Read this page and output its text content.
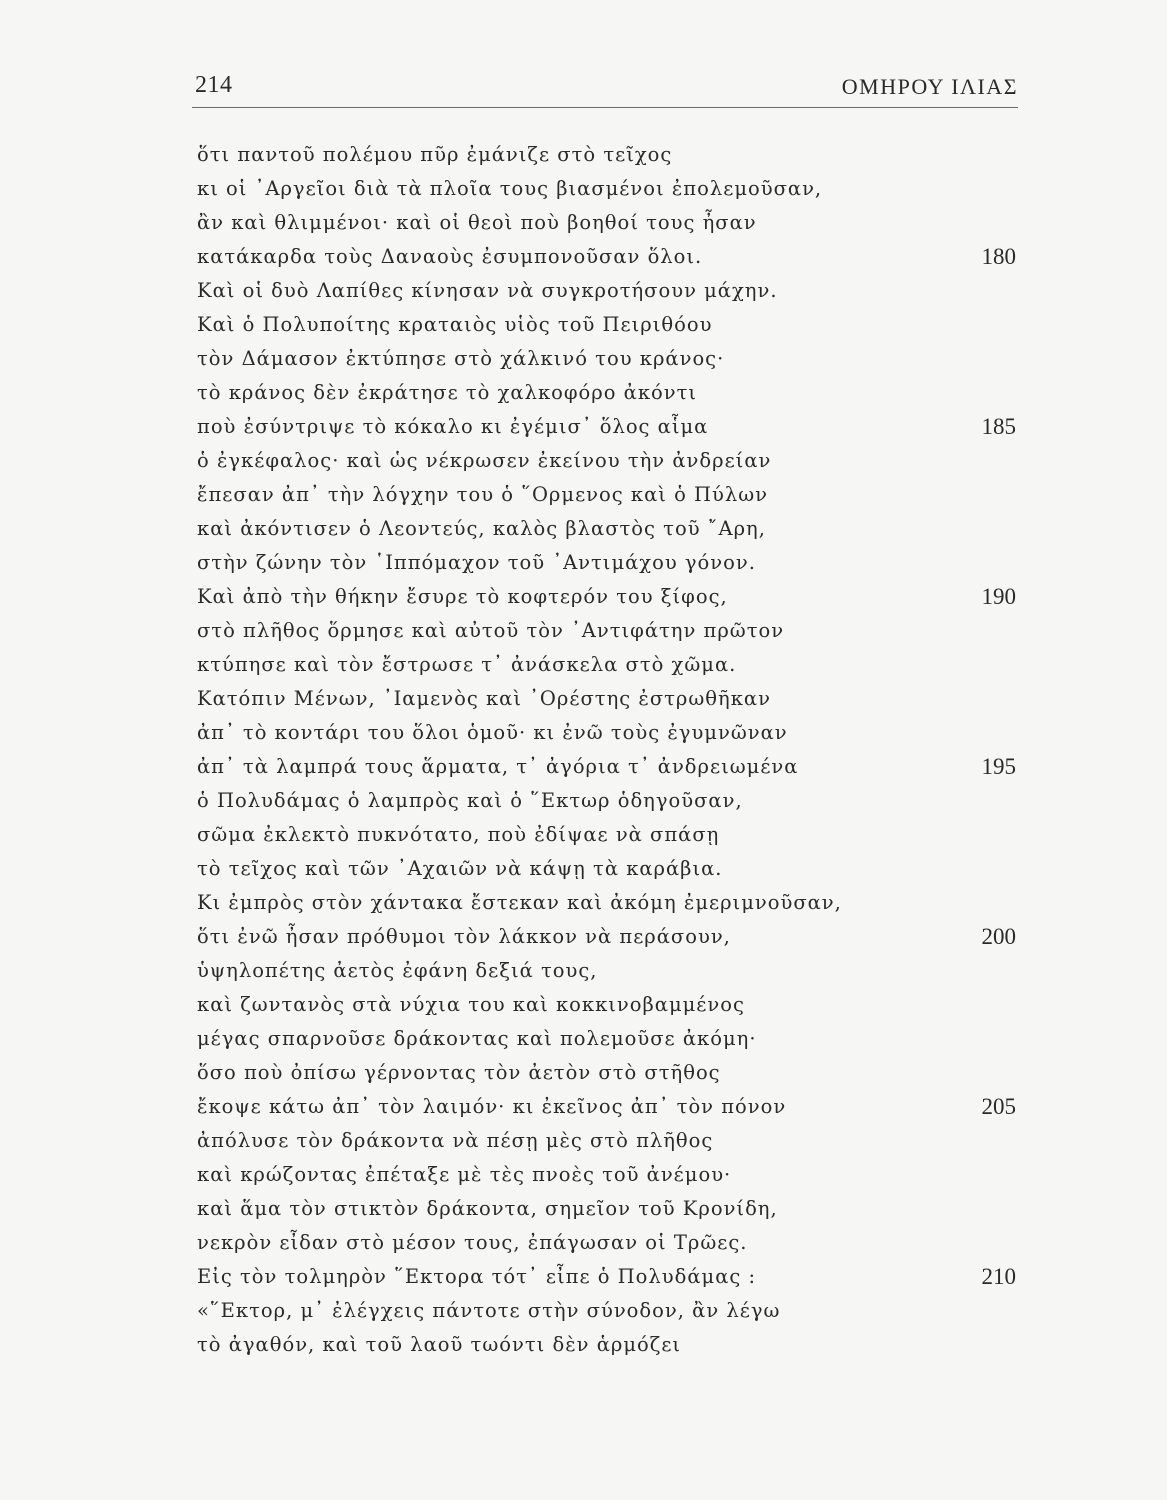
214	ΟΜΗΡΟΥ ΙΛΙΑΣ
ὅτι παντοῦ πολέμου πῦρ ἐμάνιζε στὸ τεῖχος
κι οἱ ᾿Αργεῖοι διὰ τὰ πλοῖα τους βιασμένοι ἐπολεμοῦσαν,
ἂν καὶ θλιμμένοι· καὶ οἱ θεοὶ ποὺ βοηθοί τους ἦσαν
κατάκαρδα τοὺς Δαναοὺς ἐσυμπονοῦσαν ὅλοι.	180
Καὶ οἱ δυὸ Λαπίθες κίνησαν νὰ συγκροτήσουν μάχην.
Καὶ ὁ Πολυποίτης κραταιὸς υἱὸς τοῦ Πειριθόου
τὸν Δάμασον ἐκτύπησε στὸ χάλκινό του κράνος·
τὸ κράνος δὲν ἐκράτησε τὸ χαλκοφόρο ἀκόντι
ποὺ ἐσύντριψε τὸ κόκαλο κι ἐγέμισ᾿ ὅλος αἷμα	185
ὁ ἐγκέφαλος· καὶ ὡς νέκρωσεν ἐκείνου τὴν ἀνδρείαν
ἔπεσαν ἀπ᾿ τὴν λόγχην του ὁ ῞Ορμενος καὶ ὁ Πύλων
καὶ ἀκόντισεν ὁ Λεοντεύς, καλὸς βλαστὸς τοῦ ῎Αρη,
στὴν ζώνην τὸν ῾Ιππόμαχον τοῦ ᾿Αντιμάχου γόνον.
Καὶ ἀπὸ τὴν θήκην ἔσυρε τὸ κοφτερόν του ξίφος,	190
στὸ πλῆθος ὅρμησε καὶ αὐτοῦ τὸν ᾿Αντιφάτην πρῶτον
κτύπησε καὶ τὸν ἔστρωσε τ᾿ ἀνάσκελα στὸ χῶμα.
Κατόπιν Μένων, ᾿Ιαμενὸς καὶ ᾿Ορέστης ἐστρωθῆκαν
ἀπ᾿ τὸ κοντάρι του ὅλοι ὁμοῦ· κι ἐνῶ τοὺς ἐγυμνῶναν
ἀπ᾿ τὰ λαμπρά τους ἅρματα, τ᾿ ἀγόρια τ᾿ ἀνδρειωμένα	195
ὁ Πολυδάμας ὁ λαμπρὸς καὶ ὁ ῞Εκτωρ ὁδηγοῦσαν,
σῶμα ἐκλεκτὸ πυκνότατο, ποὺ ἐδίψαε νὰ σπάσῃ
τὸ τεῖχος καὶ τῶν ᾿Αχαιῶν νὰ κάψῃ τὰ καράβια.
Κι ἐμπρὸς στὸν χάντακα ἔστεκαν καὶ ἀκόμη ἐμεριμνοῦσαν,
ὅτι ἐνῶ ἦσαν πρόθυμοι τὸν λάκκον νὰ περάσουν,	200
ὑψηλοπέτης ἀετὸς ἐφάνη δεξιά τους,
καὶ ζωντανὸς στὰ νύχια του καὶ κοκκινοβαμμένος
μέγας σπαρνοῦσε δράκοντας καὶ πολεμοῦσε ἀκόμη·
ὅσο ποὺ ὀπίσω γέρνοντας τὸν ἀετὸν στὸ στῆθος
ἔκοψε κάτω ἀπ᾿ τὸν λαιμόν· κι ἐκεῖνος ἀπ᾿ τὸν πόνον	205
ἀπόλυσε τὸν δράκοντα νὰ πέσῃ μὲς στὸ πλῆθος
καὶ κρώζοντας ἐπέταξε μὲ τὲς πνοὲς τοῦ ἀνέμου·
καὶ ἅμα τὸν στικτὸν δράκοντα, σημεῖον τοῦ Κρονίδη,
νεκρὸν εἶδαν στὸ μέσον τους, ἐπάγωσαν οἱ Τρῶες.
Εἰς τὸν τολμηρὸν ῞Εκτορα τότ᾿ εἶπε ὁ Πολυδάμας :	210
«῞Εκτορ, μ᾿ ἐλέγχεις πάντοτε στὴν σύνοδον, ἂν λέγω
τὸ ἀγαθόν, καὶ τοῦ λαοῦ τωόντι δὲν ἁρμόζει
